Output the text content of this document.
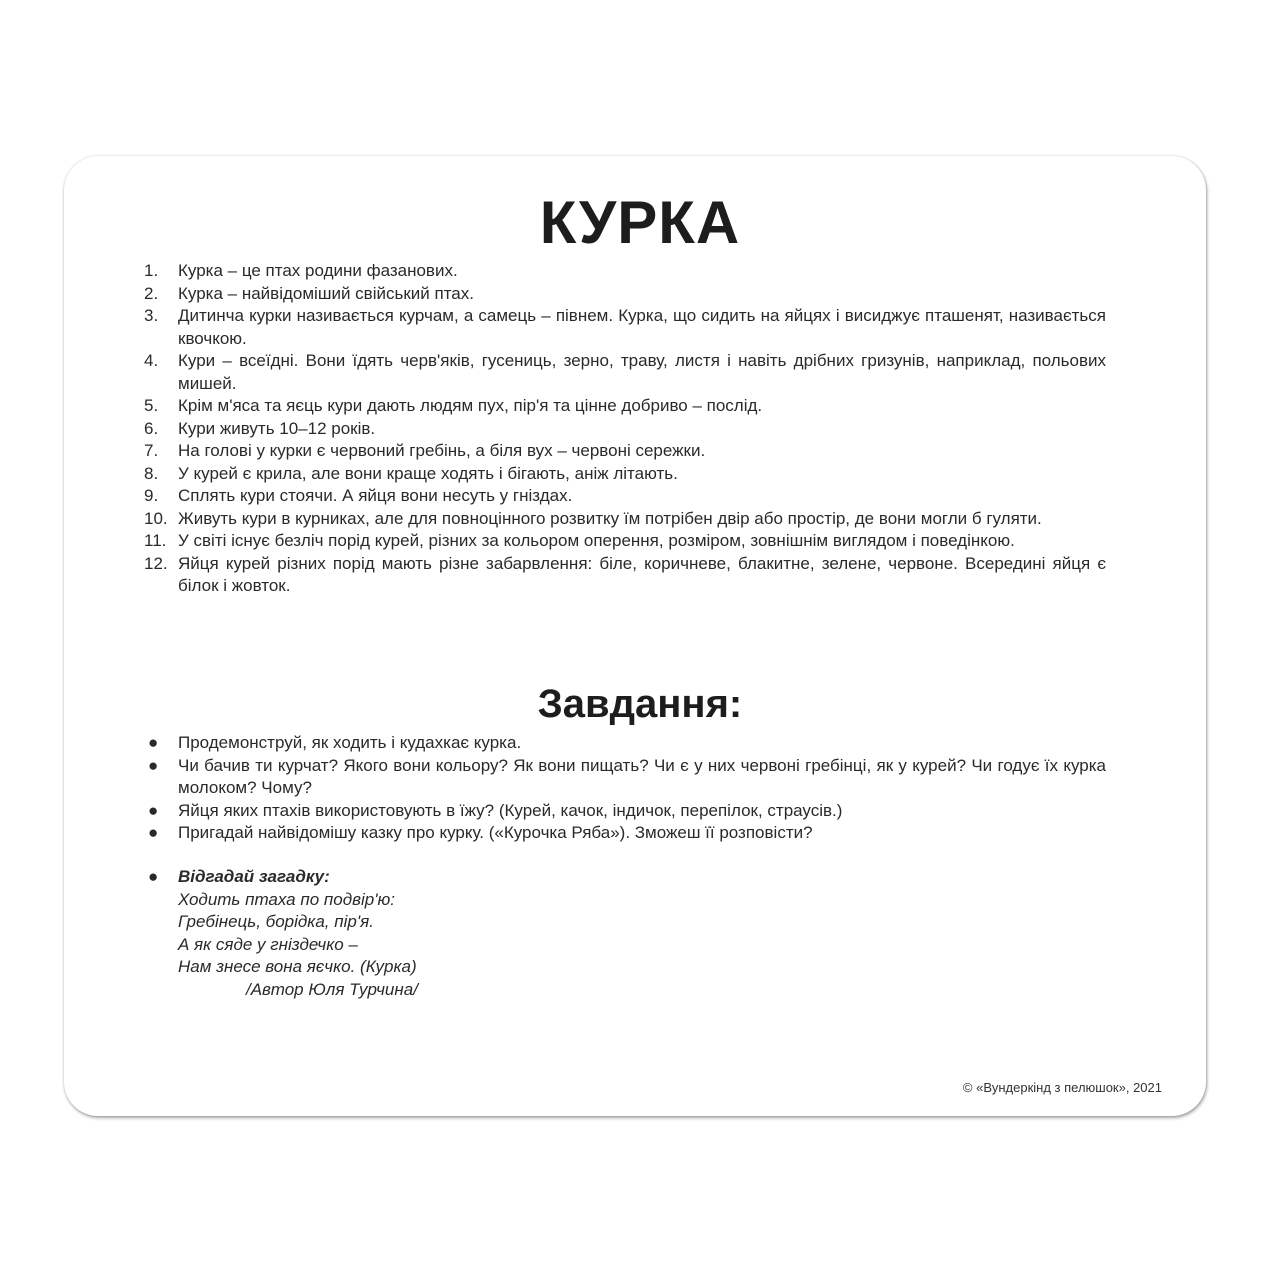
КУРКА
1.	Курка – це птах родини фазанових.
2.	Курка – найвідоміший свійський птах.
3.	Дитинча курки називається курчам, а самець – півнем. Курка, що сидить на яйцях і висиджує пташенят, називається квочкою.
4.	Кури – всеїдні. Вони їдять черв'яків, гусениць, зерно, траву, листя і навіть дрібних гризунів, наприклад, польових мишей.
5.	Крім м'яса та яєць кури дають людям пух, пір'я та цінне добриво – послід.
6.	Кури живуть 10–12 років.
7.	На голові у курки є червоний гребінь, а біля вух – червоні сережки.
8.	У курей є крила, але вони краще ходять і бігають, аніж літають.
9.	Сплять кури стоячи. А яйця вони несуть у гніздах.
10. Живуть кури в курниках, але для повноцінного розвитку їм потрібен двір або простір, де вони могли б гуляти.
11. У світі існує безліч порід курей, різних за кольором оперення, розміром, зовнішнім виглядом і поведінкою.
12. Яйця курей різних порід мають різне забарвлення: біле, коричневе, блакитне, зелене, червоне. Всередині яйця є білок і жовток.
Завдання:
●	Продемонструй, як ходить і кудахкає курка.
●	Чи бачив ти курчат? Якого вони кольору? Як вони пищать? Чи є у них червоні гребінці, як у курей? Чи годує їх курка молоком? Чому?
●	Яйця яких птахів використовують в їжу? (Курей, качок, індичок, перепілок, страусів.)
●	Пригадай найвідомішу казку про курку. («Курочка Ряба»). Зможеш її розповісти?
●	Відгадай загадку:
Ходить птаха по подвір'ю:
Гребінець, борідка, пір'я.
А як сяде у гніздечко –
Нам знесе вона яєчко. (Курка)
/Автор Юля Турчина/
© «Вундеркінд з пелюшок», 2021
